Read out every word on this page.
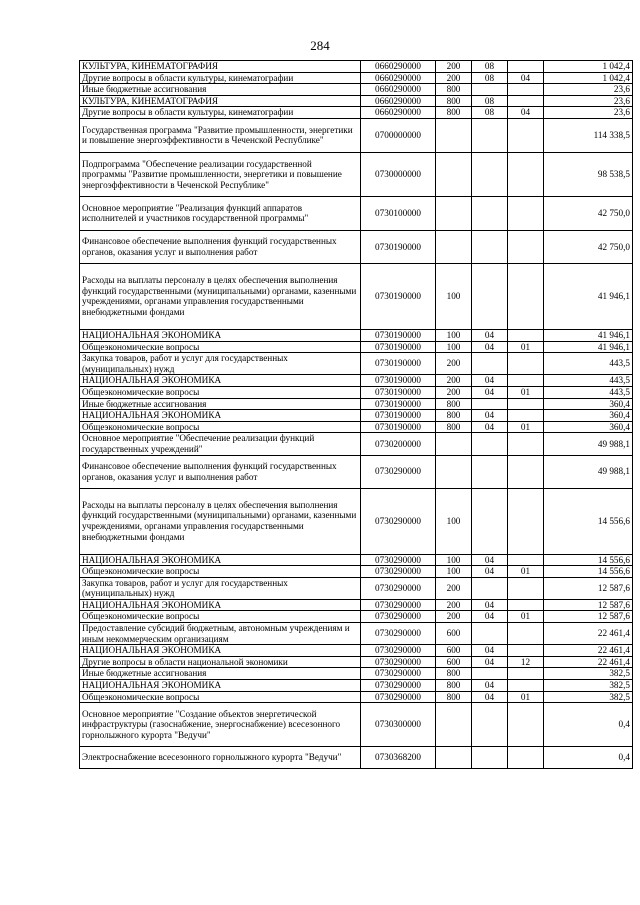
284
КУЛЬТУРА, КИНЕМАТОГРАФИЯ	0660290000	200	08		1 042,4
Другие вопросы в области культуры, кинематографии	0660290000	200	08	04	1 042,4
Иные бюджетные ассигнования	0660290000	800			23,6
КУЛЬТУРА, КИНЕМАТОГРАФИЯ	0660290000	800	08		23,6
Другие вопросы в области культуры, кинематографии	0660290000	800	08	04	23,6
Государственная программа "Развитие промышленности, энергетики и повышение энергоэффективности в Чеченской Республике"	0700000000				114 338,5
Подпрограмма "Обеспечение реализации государственной программы "Развитие промышленности, энергетики и повышение энергоэффективности в Чеченской Республике"	0730000000				98 538,5
Основное мероприятие "Реализация функций аппаратов исполнителей и участников государственной программы"	0730100000				42 750,0
Финансовое обеспечение выполнения функций государственных органов, оказания услуг и выполнения работ	0730190000				42 750,0
Расходы на выплаты персоналу в целях обеспечения выполнения функций государственными (муниципальными) органами, казенными учреждениями, органами управления государственными внебюджетными фондами	0730190000	100			41 946,1
НАЦИОНАЛЬНАЯ ЭКОНОМИКА	0730190000	100	04		41 946,1
Общеэкономические вопросы	0730190000	100	04	01	41 946,1
Закупка товаров, работ и услуг для государственных (муниципальных) нужд	0730190000	200			443,5
НАЦИОНАЛЬНАЯ ЭКОНОМИКА	0730190000	200	04		443,5
Общеэкономические вопросы	0730190000	200	04	01	443,5
Иные бюджетные ассигнования	0730190000	800			360,4
НАЦИОНАЛЬНАЯ ЭКОНОМИКА	0730190000	800	04		360,4
Общеэкономические вопросы	0730190000	800	04	01	360,4
Основное мероприятие "Обеспечение реализации функций государственных учреждений"	0730200000				49 988,1
Финансовое обеспечение выполнения функций государственных органов, оказания услуг и выполнения работ	0730290000				49 988,1
Расходы на выплаты персоналу в целях обеспечения выполнения функций государственными (муниципальными) органами, казенными учреждениями, органами управления государственными внебюджетными фондами	0730290000	100			14 556,6
НАЦИОНАЛЬНАЯ ЭКОНОМИКА	0730290000	100	04		14 556,6
Общеэкономические вопросы	0730290000	100	04	01	14 556,6
Закупка товаров, работ и услуг для государственных (муниципальных) нужд	0730290000	200			12 587,6
НАЦИОНАЛЬНАЯ ЭКОНОМИКА	0730290000	200	04		12 587,6
Общеэкономические вопросы	0730290000	200	04	01	12 587,6
Предоставление субсидий бюджетным, автономным учреждениям и иным некоммерческим организациям	0730290000	600			22 461,4
НАЦИОНАЛЬНАЯ ЭКОНОМИКА	0730290000	600	04		22 461,4
Другие вопросы в области национальной экономики	0730290000	600	04	12	22 461,4
Иные бюджетные ассигнования	0730290000	800			382,5
НАЦИОНАЛЬНАЯ ЭКОНОМИКА	0730290000	800	04		382,5
Общеэкономические вопросы	0730290000	800	04	01	382,5
Основное мероприятие "Создание объектов энергетической инфраструктуры (газоснабжение, энергоснабжение) всесезонного горнолыжного курорта "Ведучи"	0730300000				0,4
Электроснабжение всесезонного горнолыжного курорта "Ведучи"	0730368200				0,4
